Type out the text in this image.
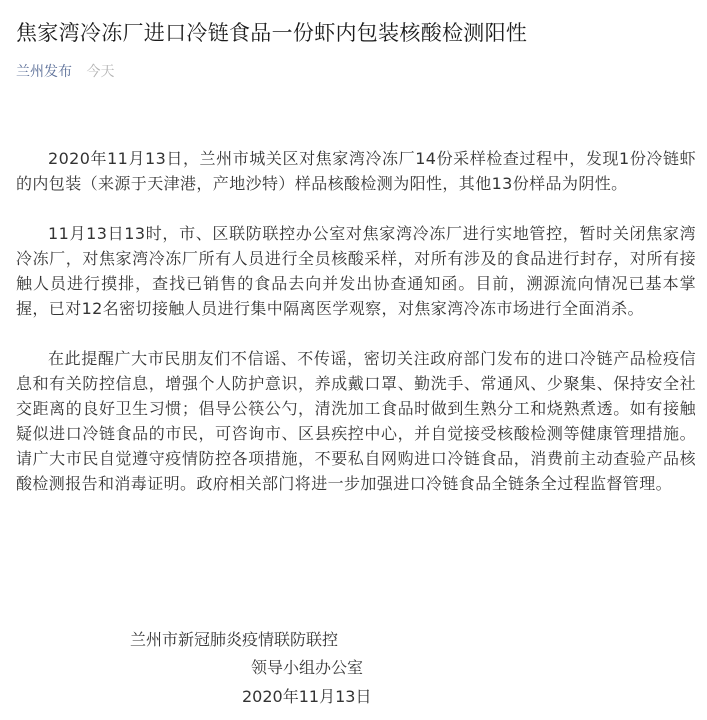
焦家湾冷冻厂进口冷链食品一份虾内包装核酸检测阳性
兰州发布 今天

2020年11月13日，兰州市城关区对焦家湾冷冻厂14份采样检查过程中，发现1份冷链虾的内包装（来源于天津港，产地沙特）样品核酸检测为阳性，其他13份样品为阴性。

11月13日13时，市、区联防联控办公室对焦家湾冷冻厂进行实地管控，暂时关闭焦家湾冷冻厂，对焦家湾冷冻厂所有人员进行全员核酸采样，对所有涉及的食品进行封存，对所有接触人员进行摸排，查找已销售的食品去向并发出协查通知函。目前，溯源流向情况已基本掌握，已对12名密切接触人员进行集中隔离医学观察，对焦家湾冷冻市场进行全面消杀。

在此提醒广大市民朋友们不信谣、不传谣，密切关注政府部门发布的进口冷链产品检疫信息和有关防控信息，增强个人防护意识，养成戴口罩、勤洗手、常通风、少聚集、保持安全社交距离的良好卫生习惯；倡导公筷公勺，清洗加工食品时做到生熟分工和烧熟煮透。如有接触疑似进口冷链食品的市民，可咨询市、区县疾控中心，并自觉接受核酸检测等健康管理措施。请广大市民自觉遵守疫情防控各项措施，不要私自网购进口冷链食品，消费前主动查验产品核酸检测报告和消毒证明。政府相关部门将进一步加强进口冷链食品全链条全过程监督管理。

兰州市新冠肺炎疫情联防联控
领导小组办公室
2020年11月13日
